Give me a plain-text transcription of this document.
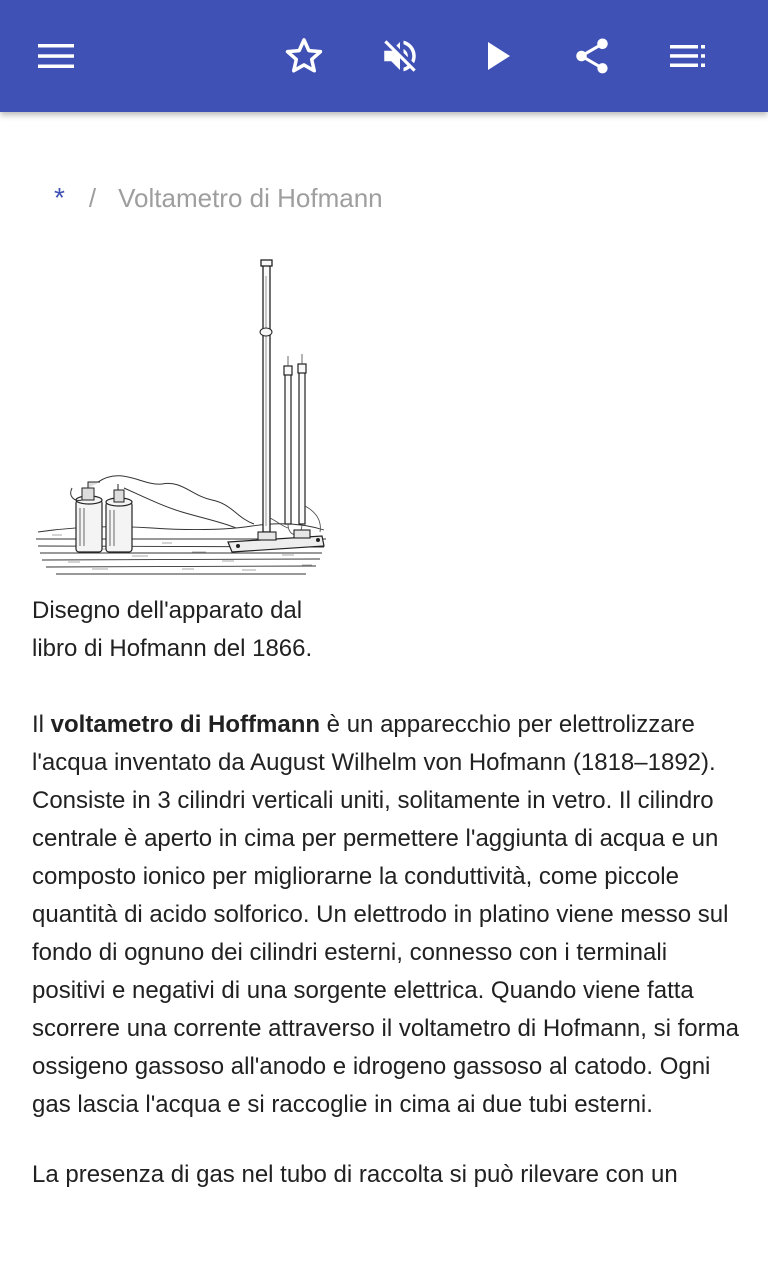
* / Voltametro di Hofmann
Disegno dell'apparato dal libro di Hofmann del 1866.

Il voltametro di Hoffmann è un apparecchio per elettrolizzare l'acqua inventato da August Wilhelm von Hofmann (1818–1892). Consiste in 3 cilindri verticali uniti, solitamente in vetro. Il cilindro centrale è aperto in cima per permettere l'aggiunta di acqua e un composto ionico per migliorarne la conduttività, come piccole quantità di acido solforico. Un elettrodo in platino viene messo sul fondo di ognuno dei cilindri esterni, connesso con i terminali positivi e negativi di una sorgente elettrica. Quando viene fatta scorrere una corrente attraverso il voltametro di Hofmann, si forma ossigeno gassoso all'anodo e idrogeno gassoso al catodo. Ogni gas lascia l'acqua e si raccoglie in cima ai due tubi esterni.

La presenza di gas nel tubo di raccolta si può rilevare con un
